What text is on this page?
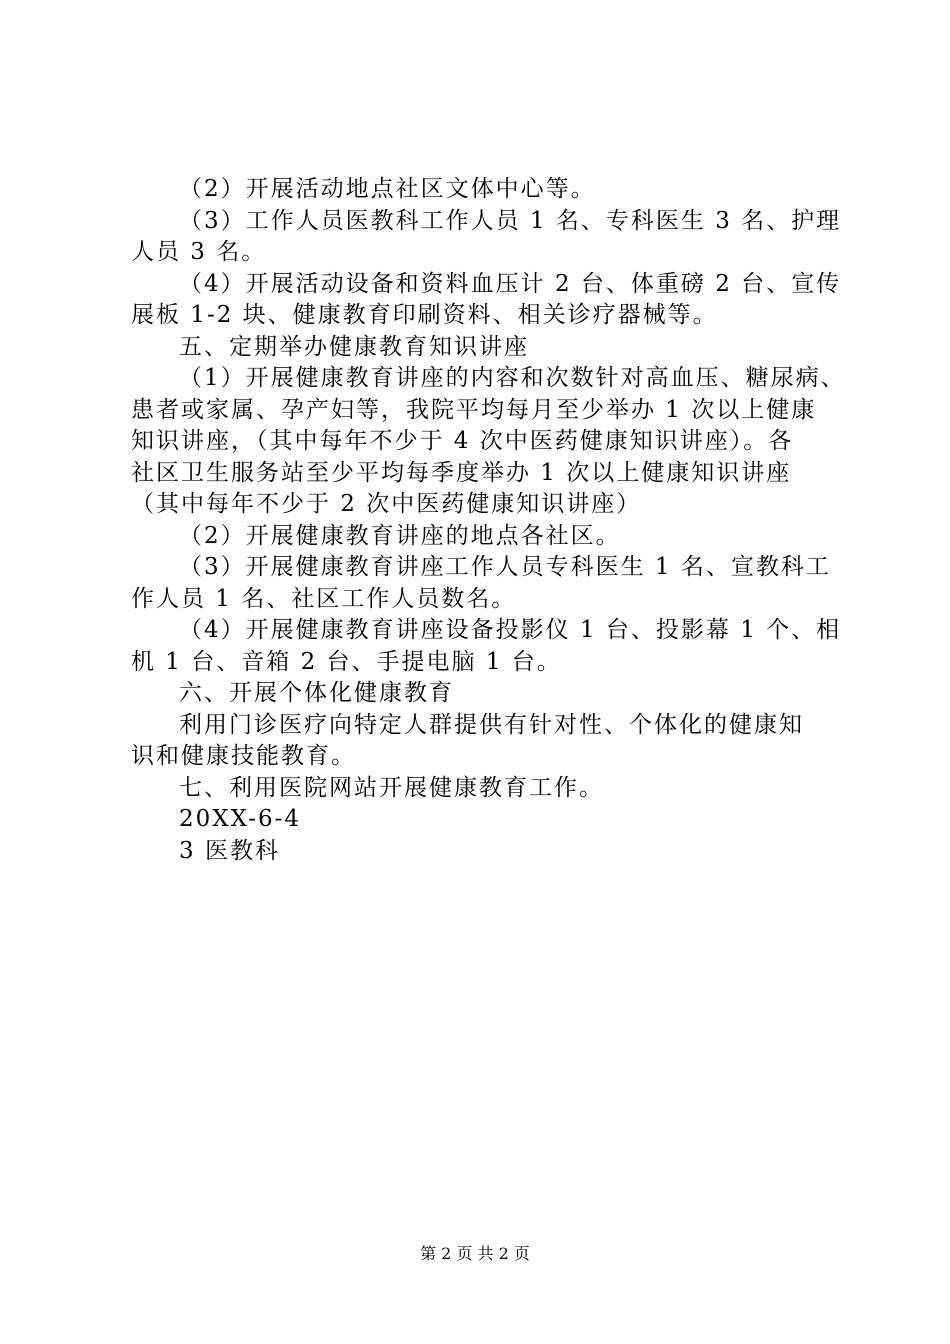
（2）开展活动地点社区文体中心等。
（3）工作人员医教科工作人员 1 名、专科医生 3 名、护理
人员 3 名。
（4）开展活动设备和资料血压计 2 台、体重磅 2 台、宣传
展板 1-2 块、健康教育印刷资料、相关诊疗器械等。
五、定期举办健康教育知识讲座
（1）开展健康教育讲座的内容和次数针对高血压、糖尿病、
患者或家属、孕产妇等，我院平均每月至少举办 1 次以上健康
知识讲座，（其中每年不少于 4 次中医药健康知识讲座）。各
社区卫生服务站至少平均每季度举办 1 次以上健康知识讲座
（其中每年不少于 2 次中医药健康知识讲座）
（2）开展健康教育讲座的地点各社区。
（3）开展健康教育讲座工作人员专科医生 1 名、宣教科工
作人员 1 名、社区工作人员数名。
（4）开展健康教育讲座设备投影仪 1 台、投影幕 1 个、相
机 1 台、音箱 2 台、手提电脑 1 台。
六、开展个体化健康教育
利用门诊医疗向特定人群提供有针对性、个体化的健康知
识和健康技能教育。
七、利用医院网站开展健康教育工作。
20XX-6-4
3 医教科
第 2 页 共 2 页
